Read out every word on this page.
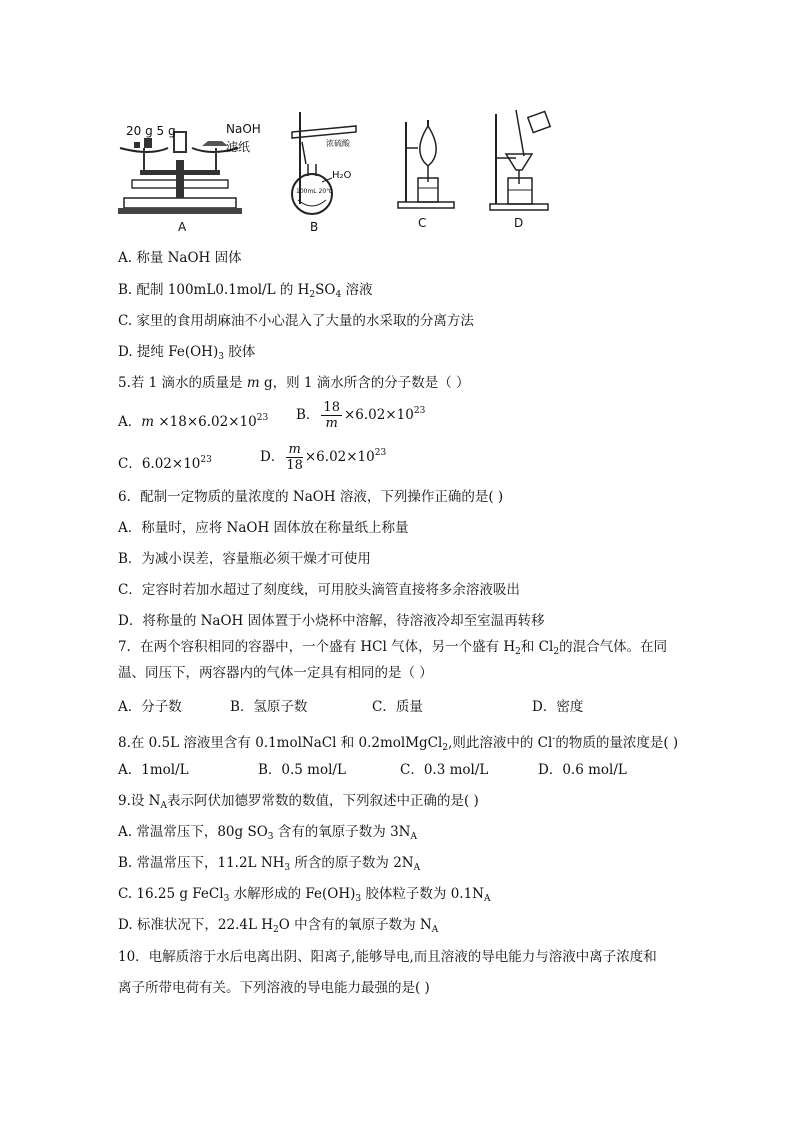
20 g 5 g	NaOH
滤纸
A
浓硫酸
H₂O
100mL 20℃
B	C	D
A. 称量 NaOH 固体
B. 配制 100mL0.1mol/L 的 $H_2SO_4$ 溶液
C. 家里的食用胡麻油不小心混入了大量的水采取的分离方法
D. 提纯 $Fe(OH)_3$ 胶体
5.若 1 滴水的质量是 m g，则 1 滴水所含的分子数是（ ）
A．$m \times 18\times 6.02\times 10^{23}$ B． $\frac{18}{m} \times 6.02\times 10^{23}$
C．$6.02\times 10^{23}$	D． $\frac{m}{18} \times 6.02\times 10^{23}$
6．配制一定物质的量浓度的 NaOH 溶液，下列操作正确的是( )
A．称量时，应将 NaOH 固体放在称量纸上称量
B．为减小误差，容量瓶必须干燥才可使用
C．定容时若加水超过了刻度线，可用胶头滴管直接将多余溶液吸出
D．将称量的 NaOH 固体置于小烧杯中溶解，待溶液冷却至室温再转移
7．在两个容积相同的容器中，一个盛有 HCl 气体，另一个盛有 $H_2$和 $Cl_2$的混合气体。在同
温、同压下，两容器内的气体一定具有相同的是（ ）
A．分子数	B．氢原子数	C．质量	D．密度
8.在 0.5L 溶液里含有 0.1molNaCl 和 0.2molMgCl$_2$,则此溶液中的 Cl-的物质的量浓度是( )
A．1mol/L	B．0.5 mol/L	C．0.3 mol/L	D．0.6 mol/L
9.设 $N_A$表示阿伏加德罗常数的数值，下列叙述中正确的是( )
A. 常温常压下，80g $SO_3$ 含有的氧原子数为 $3N_A$
B. 常温常压下，11.2L $NH_3$ 所含的原子数为 $2N_A$
C. 16.25 g FeCl$_3$ 水解形成的 $Fe(OH)_3$ 胶体粒子数为 $0.1N_A$
D. 标准状况下，22.4L $H_2O$ 中含有的氧原子数为 $N_A$
10．电解质溶于水后电离出阴、阳离子,能够导电,而且溶液的导电能力与溶液中离子浓度和
离子所带电荷有关。下列溶液的导电能力最强的是( )
